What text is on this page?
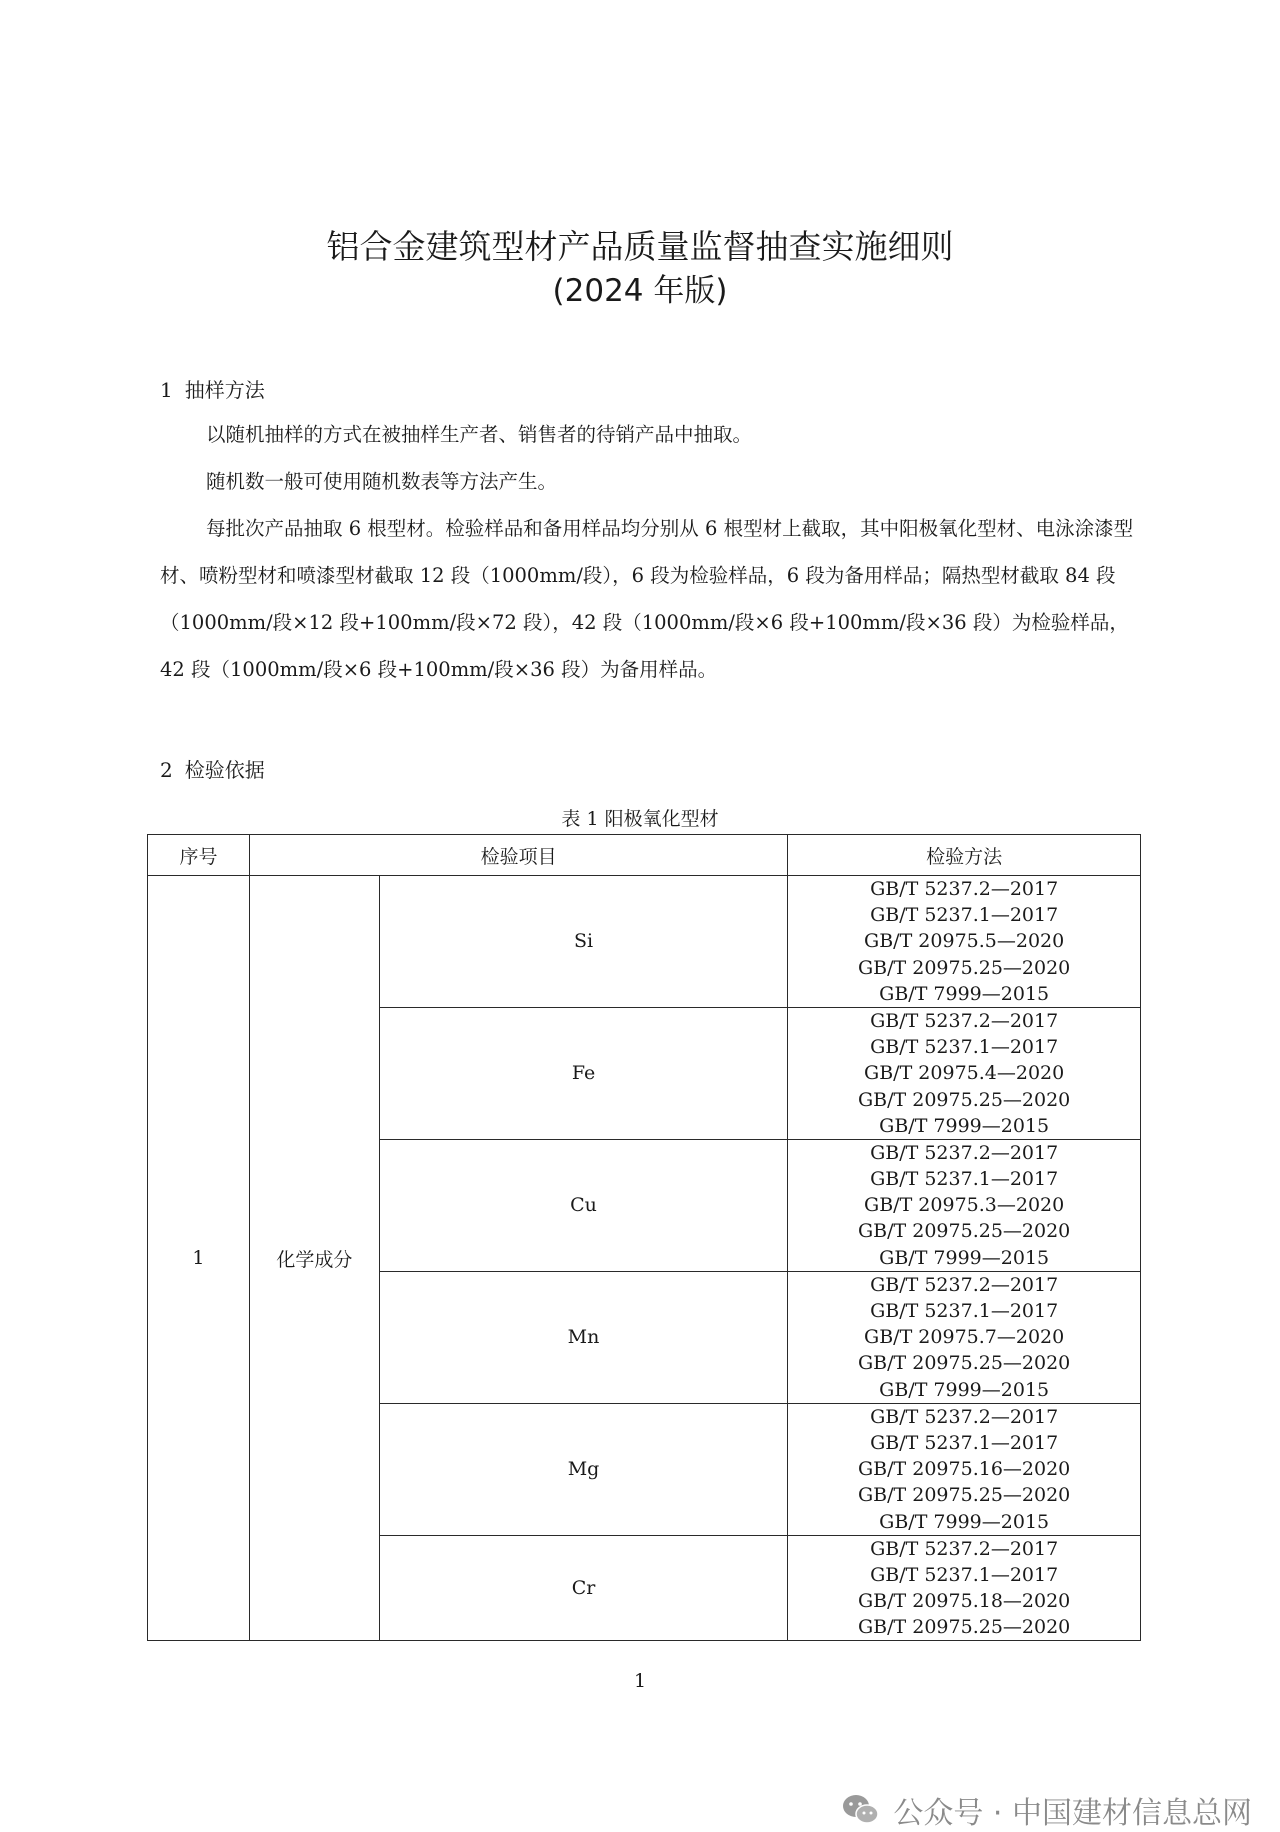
铝合金建筑型材产品质量监督抽查实施细则
(2024 年版)
1 抽样方法

以随机抽样的方式在被抽样生产者、销售者的待销产品中抽取。

随机数一般可使用随机数表等方法产生。

每批次产品抽取 6 根型材。检验样品和备用样品均分别从 6 根型材上截取，其中阳极氧化型材、电泳涂漆型材、喷粉型材和喷漆型材截取 12 段（1000mm/段），6 段为检验样品，6 段为备用样品；隔热型材截取 84 段（1000mm/段×12 段+100mm/段×72 段），42 段（1000mm/段×6 段+100mm/段×36 段）为检验样品，42 段（1000mm/段×6 段+100mm/段×36 段）为备用样品。

2 检验依据
表 1 阳极氧化型材
序号	检验项目		检验方法
1	化学成分	Si	GB/T 5237.2—2017
GB/T 5237.1—2017
GB/T 20975.5—2020
GB/T 20975.25—2020
GB/T 7999—2015

		Fe	GB/T 5237.2—2017
GB/T 5237.1—2017
GB/T 20975.4—2020
GB/T 20975.25—2020
GB/T 7999—2015

		Cu	GB/T 5237.2—2017
GB/T 5237.1—2017
GB/T 20975.3—2020
GB/T 20975.25—2020
GB/T 7999—2015

		Mn	GB/T 5237.2—2017
GB/T 5237.1—2017
GB/T 20975.7—2020
GB/T 20975.25—2020
GB/T 7999—2015

		Mg	GB/T 5237.2—2017
GB/T 5237.1—2017
GB/T 20975.16—2020
GB/T 20975.25—2020
GB/T 7999—2015

		Cr	GB/T 5237.2—2017
GB/T 5237.1—2017
GB/T 20975.18—2020
GB/T 20975.25—2020
1
公众号 · 中国建材信息总网
